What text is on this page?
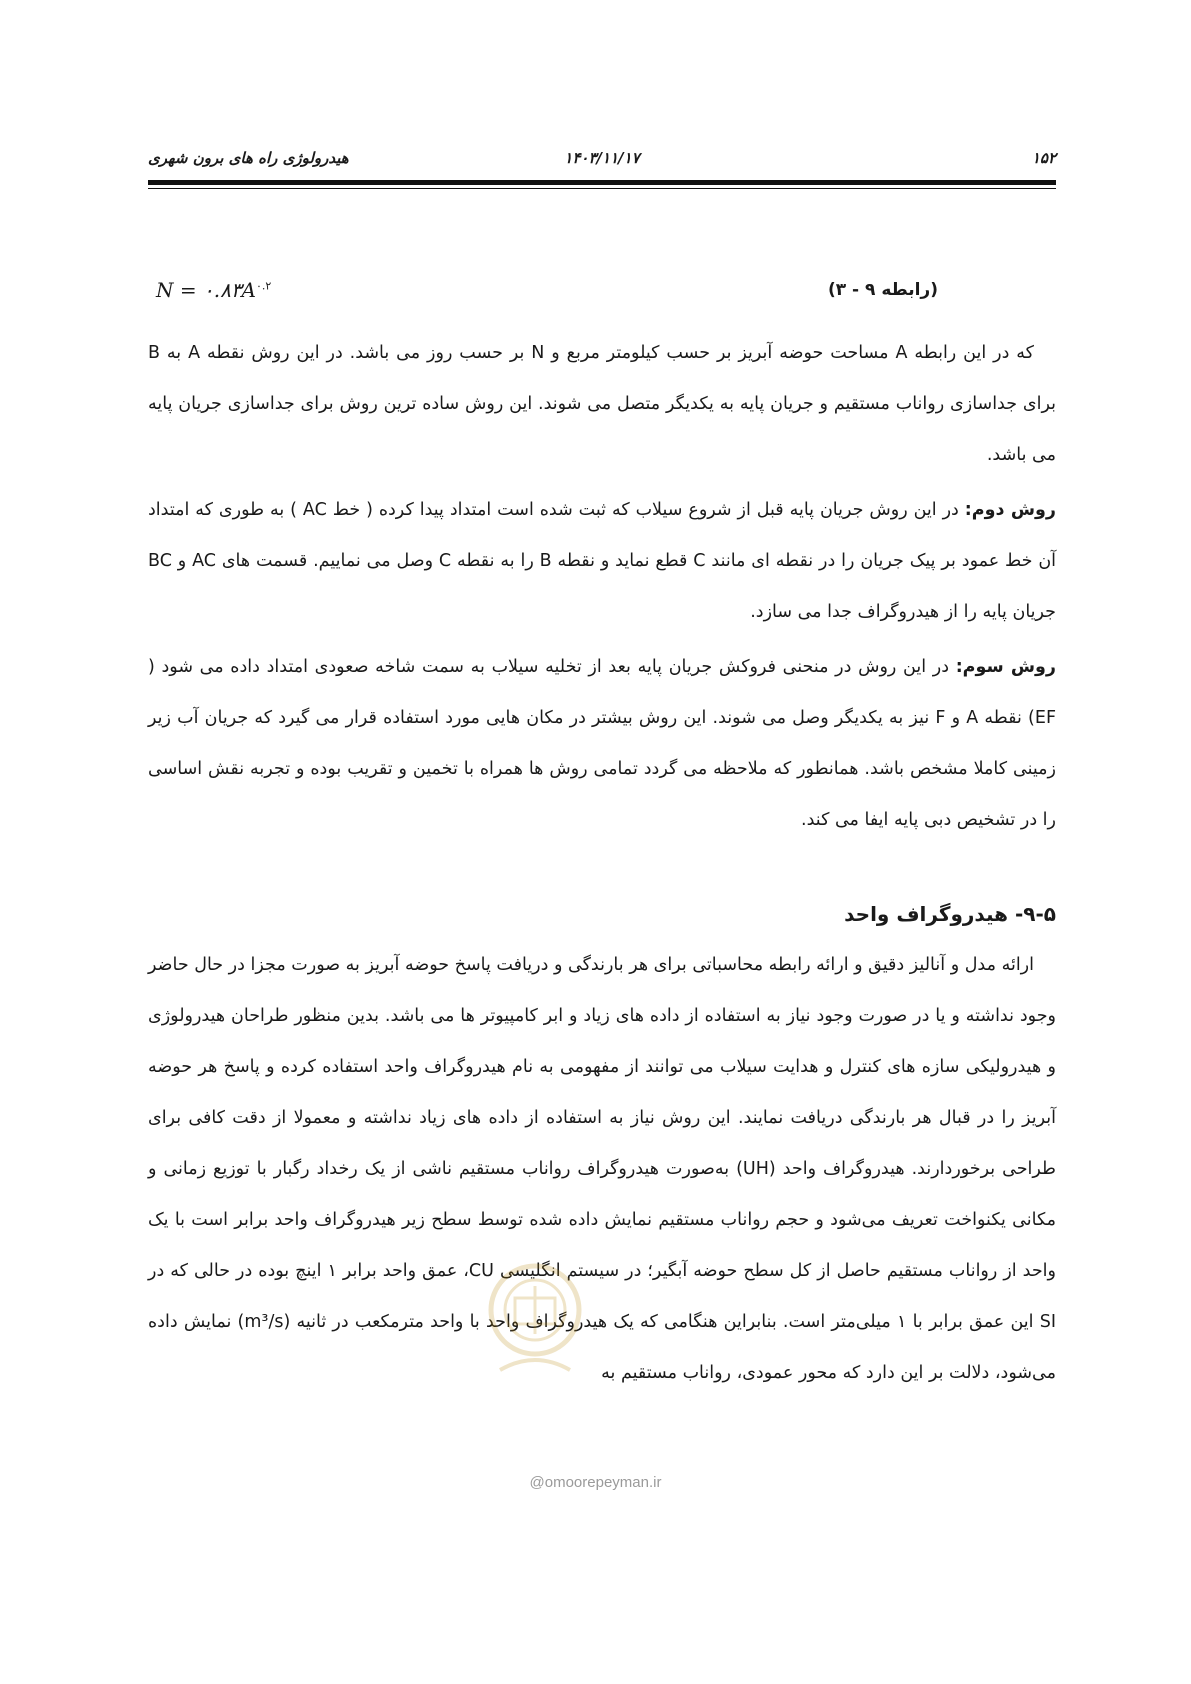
۱۵۲
۱۴۰۳/۱۱/۱۷
هیدرولوژی راه های برون شهری
(رابطه ۹ - ۳)
$N = ۰.۸۳A^{۰.۲}$

که در این رابطه A مساحت حوضه آبریز بر حسب کیلومتر مربع و N بر حسب روز می باشد. در این روش نقطه A به B برای جداسازی رواناب مستقیم و جریان پایه به یکدیگر متصل می شوند. این روش ساده ترین روش برای جداسازی جریان پایه می باشد.

روش دوم: در این روش جریان پایه قبل از شروع سیلاب که ثبت شده است امتداد پیدا کرده ( خط AC ) به طوری که امتداد آن خط عمود بر پیک جریان را در نقطه ای مانند C قطع نماید و نقطه B را به نقطه C وصل می نماییم. قسمت های AC و BC جریان پایه را از هیدروگراف جدا می سازد.

روش سوم: در این روش در منحنی فروکش جریان پایه بعد از تخلیه سیلاب به سمت شاخه صعودی امتداد داده می شود ( EF) نقطه A و F نیز به یکدیگر وصل می شوند. این روش بیشتر در مکان هایی مورد استفاده قرار می گیرد که جریان آب زیر زمینی کاملا مشخص باشد. همانطور که ملاحظه می گردد تمامی روش ها همراه با تخمین و تقریب بوده و تجربه نقش اساسی را در تشخیص دبی پایه ایفا می کند.

۹-۵- هیدروگراف واحد

ارائه مدل و آنالیز دقیق و ارائه رابطه محاسباتی برای هر بارندگی و دریافت پاسخ حوضه آبریز به صورت مجزا در حال حاضر وجود نداشته و یا در صورت وجود نیاز به استفاده از داده های زیاد و ابر کامپیوتر ها می باشد. بدین منظور طراحان هیدرولوژی و هیدرولیکی سازه های کنترل و هدایت سیلاب می توانند از مفهومی به نام هیدروگراف واحد استفاده کرده و پاسخ هر حوضه آبریز را در قبال هر بارندگی دریافت نمایند. این روش نیاز به استفاده از داده های زیاد نداشته و معمولا از دقت کافی برای طراحی برخوردارند. هیدروگراف واحد (UH) به‌صورت هیدروگراف رواناب مستقیم ناشی از یک رخداد رگبار با توزیع زمانی و مکانی یکنواخت تعریف می‌شود و حجم رواناب مستقیم نمایش داده شده توسط سطح زیر هیدروگراف واحد برابر است با یک واحد از رواناب مستقیم حاصل از کل سطح حوضه آبگیر؛ در سیستم انگلیسی CU، عمق واحد برابر ۱ اینچ بوده در حالی که در SI این عمق برابر با ۱ میلی‌متر است. بنابراین هنگامی که یک هیدروگراف واحد با واحد مترمکعب در ثانیه (m³/s) نمایش داده می‌شود، دلالت بر این دارد که محور عمودی، رواناب مستقیم به

@omoorepeyman.ir
